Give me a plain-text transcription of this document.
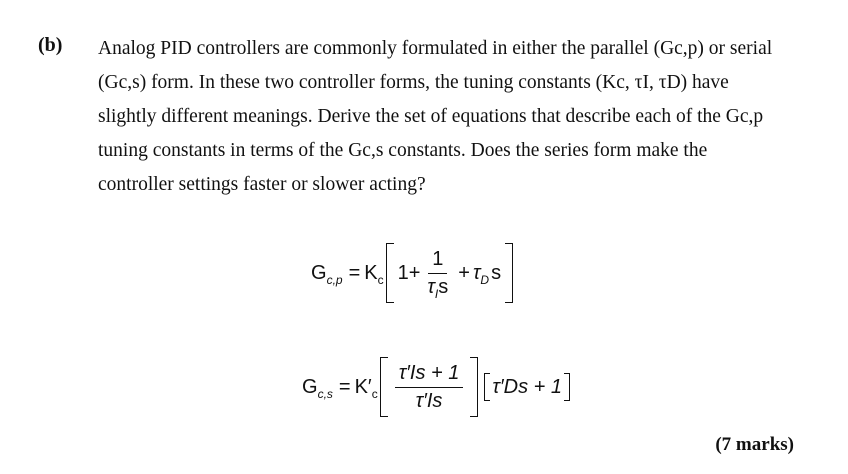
(b) Analog PID controllers are commonly formulated in either the parallel (Gc,p) or serial
(Gc,s) form. In these two controller forms, the tuning constants (Kc, τI, τD) have
slightly different meanings. Derive the set of equations that describe each of the Gc,p
tuning constants in terms of the Gc,s constants. Does the series form make the
controller settings faster or slower acting?
G c,p = K c $1+ \frac{1}{\tau_Is} + \tau$ D s
G c,s = K′ c $\frac{\tau'Is + 1}{\tau'Is} \tau'Ds + 1$
(7 marks)
